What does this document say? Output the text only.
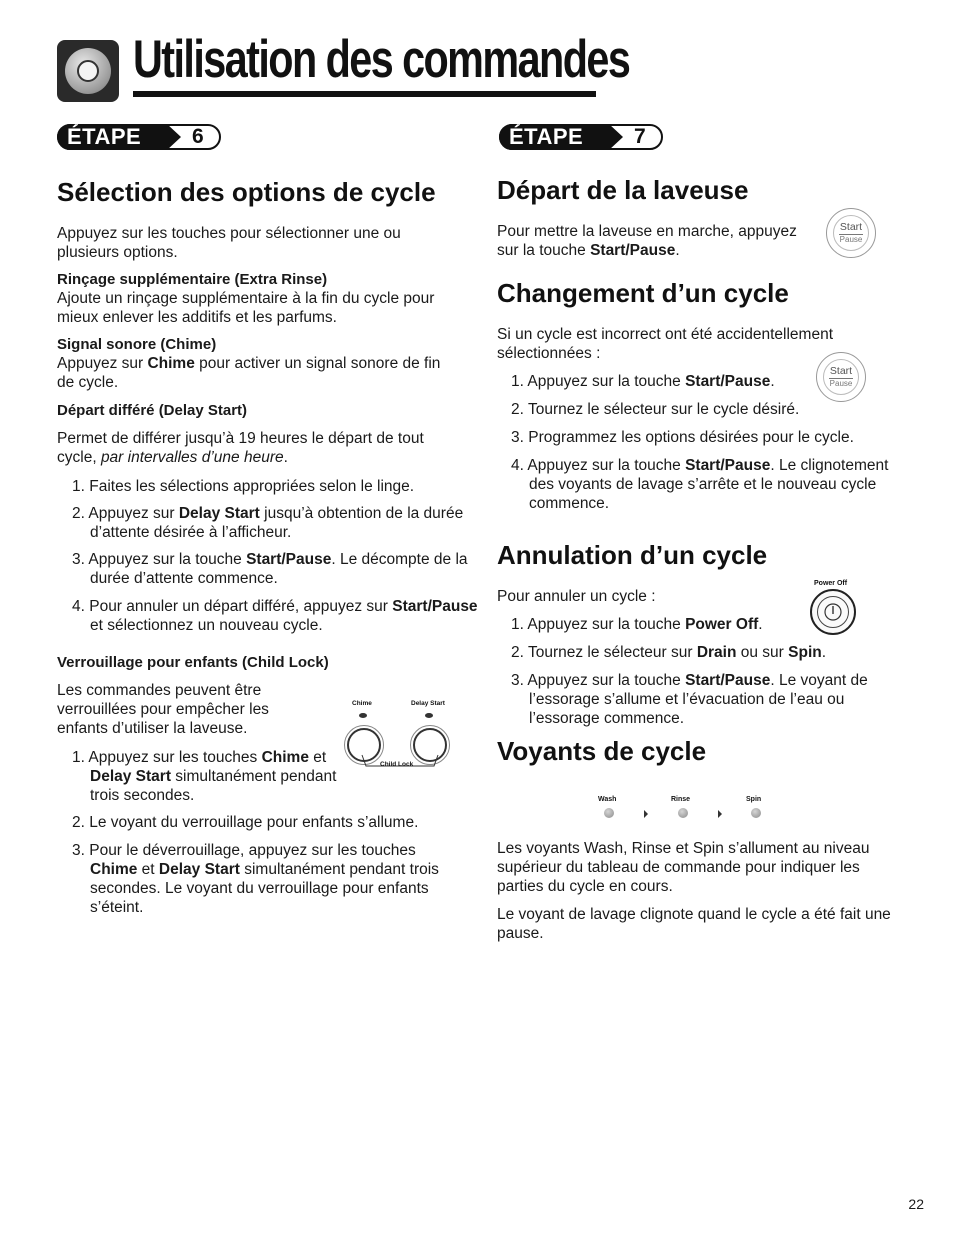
Utilisation des commandes
ÉTAPE 6
Sélection des options de cycle

Appuyez sur les touches pour sélectionner une ou plusieurs options.

Rinçage supplémentaire (Extra Rinse)

Ajoute un rinçage supplémentaire à la fin du cycle pour mieux enlever les additifs et les parfums.

Signal sonore (Chime)

Appuyez sur Chime pour activer un signal sonore de fin de cycle.

Départ différé (Delay Start)

Permet de différer jusqu’à 19 heures le départ de tout cycle, par intervalles d’une heure.

1. Faites les sélections appropriées selon le linge.
2. Appuyez sur Delay Start jusqu’à obtention de la durée d’attente désirée à l’afficheur.
3. Appuyez sur la touche Start/Pause. Le décompte de la durée d’attente commence.
4. Pour annuler un départ différé, appuyez sur Start/Pause et sélectionnez un nouveau cycle.

Verrouillage pour enfants (Child Lock)

Les commandes peuvent être verrouillées pour empêcher les enfants d’utiliser la laveuse.

Chime	Delay Start
Child Lock
1. Appuyez sur les touches Chime et Delay Start simultanément pendant trois secondes.
2. Le voyant du verrouillage pour enfants s’allume.
3. Pour le déverrouillage, appuyez sur les touches Chime et Delay Start simultanément pendant trois secondes. Le voyant du verrouillage pour enfants s’éteint.
ÉTAPE 7
Départ de la laveuse

Pour mettre la laveuse en marche, appuyez sur la touche Start/Pause.

Start
Pause
Changement d’un cycle

Si un cycle est incorrect ont été accidentellement sélectionnées :

Start
Pause
1. Appuyez sur la touche Start/Pause.
2. Tournez le sélecteur sur le cycle désiré.
3. Programmez les options désirées pour le cycle.
4. Appuyez sur la touche Start/Pause. Le clignotement des voyants de lavage s’arrête et le nouveau cycle commence.
Annulation d’un cycle
Power Off

Pour annuler un cycle :

1. Appuyez sur la touche Power Off.
2. Tournez le sélecteur sur Drain ou sur Spin.
3. Appuyez sur la touche Start/Pause. Le voyant de l’essorage s’allume et l’évacuation de l’eau ou l’essorage commence.
Voyants de cycle
Wash	Rinse	Spin

Les voyants Wash, Rinse et Spin s’allument au niveau supérieur du tableau de commande pour indiquer les parties du cycle en cours.

Le voyant de lavage clignote quand le cycle a été fait une pause.

22
